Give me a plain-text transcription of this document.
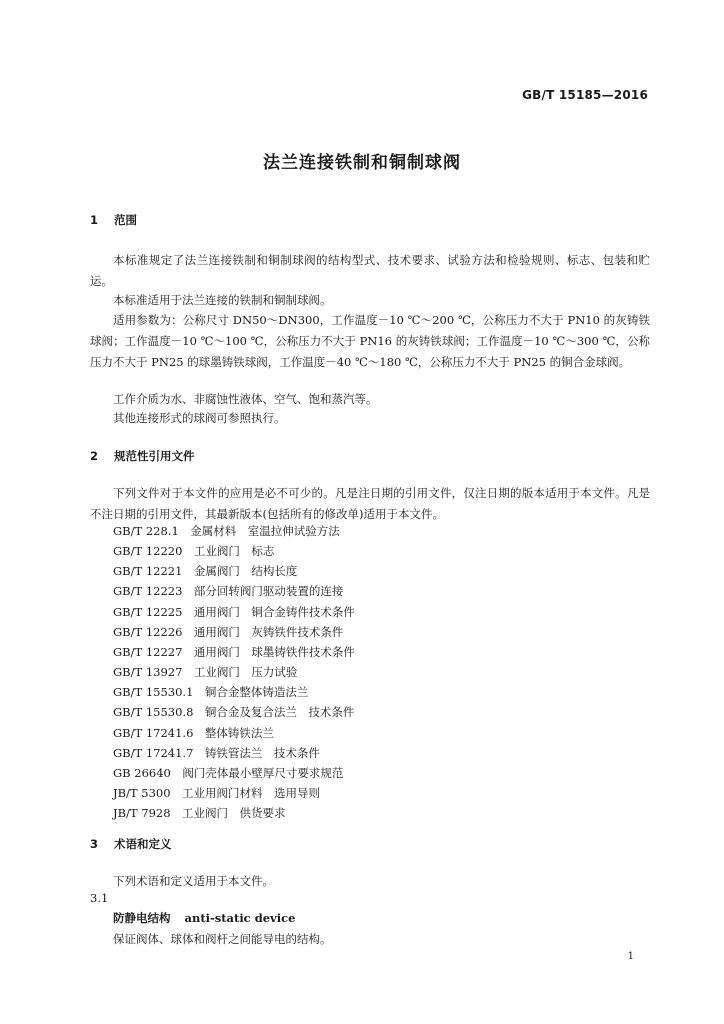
GB/T 15185—2016
法兰连接铁制和铜制球阀
1 范围

本标准规定了法兰连接铁制和铜制球阀的结构型式、技术要求、试验方法和检验规则、标志、包装和贮运。

本标准适用于法兰连接的铁制和铜制球阀。

适用参数为：公称尺寸 DN50～DN300，工作温度－10 ℃～200 ℃，公称压力不大于 PN10 的灰铸铁球阀；工作温度－10 ℃～100 ℃，公称压力不大于 PN16 的灰铸铁球阀；工作温度－10 ℃～300 ℃，公称压力不大于 PN25 的球墨铸铁球阀，工作温度－40 ℃～180 ℃，公称压力不大于 PN25 的铜合金球阀。

工作介质为水、非腐蚀性液体、空气、饱和蒸汽等。

其他连接形式的球阀可参照执行。

2 规范性引用文件

下列文件对于本文件的应用是必不可少的。凡是注日期的引用文件，仅注日期的版本适用于本文件。凡是不注日期的引用文件，其最新版本(包括所有的修改单)适用于本文件。

GB/T 228.1　金属材料　室温拉伸试验方法
GB/T 12220　工业阀门　标志
GB/T 12221　金属阀门　结构长度
GB/T 12223　部分回转阀门驱动装置的连接
GB/T 12225　通用阀门　铜合金铸件技术条件
GB/T 12226　通用阀门　灰铸铁件技术条件
GB/T 12227　通用阀门　球墨铸铁件技术条件
GB/T 13927　工业阀门　压力试验
GB/T 15530.1　铜合金整体铸造法兰
GB/T 15530.8　铜合金及复合法兰　技术条件
GB/T 17241.6　整体铸铁法兰
GB/T 17241.7　铸铁管法兰　技术条件
GB 26640　阀门壳体最小壁厚尺寸要求规范
JB/T 5300　工业用阀门材料　选用导则
JB/T 7928　工业阀门　供货要求
3 术语和定义

下列术语和定义适用于本文件。

3.1
防静电结构 anti-static device

保证阀体、球体和阀杆之间能导电的结构。

1
